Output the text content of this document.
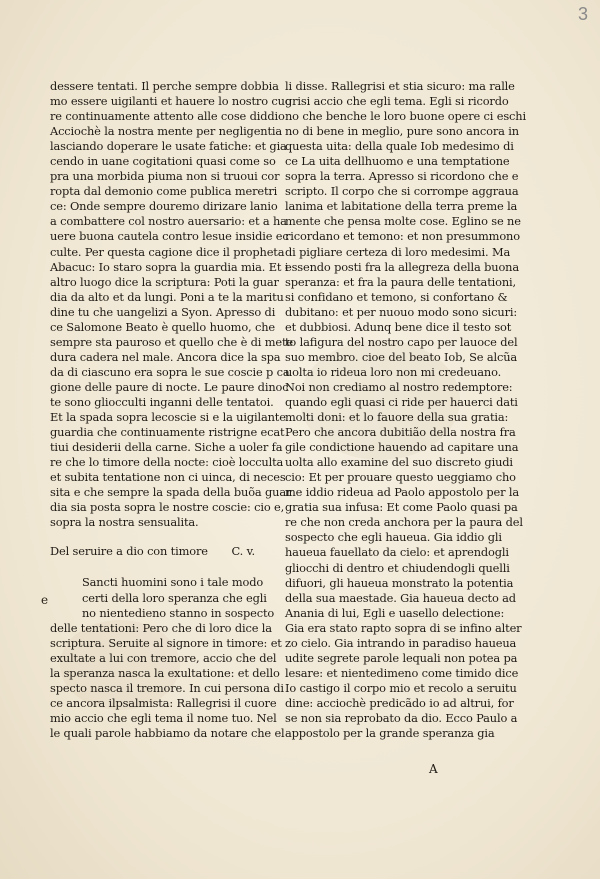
3
dessere tentati. Il perche sempre dobbia
mo essere uigilanti et hauere lo nostro cuo
re continuamente attento alle cose diddio
Acciochè la nostra mente per negligentia
lasciando doperare le usate fatiche: et gia
cendo in uane cogitationi quasi come so
pra una morbida piuma non si truoui cor
ropta dal demonio come publica meretri
ce: Onde sempre douremo dirizare lanio
a combattere col nostro auersario: et a ha
uere buona cautela contro lesue insidie ec
culte. Per questa cagione dice il propheta
Abacuc: Io staro sopra la guardia mia. Et i
altro luogo dice la scriptura: Poti la guar
dia da alto et da lungi. Poni a te la maritu
dine tu che uangelizi a Syon. Apresso di
ce Salomone Beato è quello huomo, che
sempre sta pauroso et quello che è di mete
dura cadera nel male. Ancora dice la spa
da di ciascuno era sopra le sue coscie p ca
gione delle paure di nocte. Le paure dinoc
te sono gliocculti inganni delle tentatoi.
Et la spada sopra lecoscie si e la uigilante
guardia che continuamente ristrigne ecat
tiui desiderii della carne. Siche a uoler fa
re che lo timore della nocte: cioè locculta
et subita tentatione non ci uinca, di neces
sita e che sempre la spada della buõa guar
dia sia posta sopra le nostre coscie: cio e,
sopra la nostra sensualita.
Del seruire a dio con timore C. v.
Sancti huomini sono i tale modo
certi della loro speranza che egli
no nientedieno stanno in sospecto
delle tentationi: Pero che di loro dice la
scriptura. Seruite al signore in timore: et
exultate a lui con tremore, accio che del
la speranza nasca la exultatione: et dello
specto nasca il tremore. In cui persona di
ce ancora ilpsalmista: Rallegrisi il cuore
mio accio che egli tema il nome tuo. Nel
le quali parole habbiamo da notare che el
e
li disse. Rallegrisi et stia sicuro: ma ralle
grisi accio che egli tema. Egli si ricordo
no che benche le loro buone opere ci eschi
no di bene in meglio, pure sono ancora in
questa uita: della quale Iob medesimo di
ce La uita dellhuomo e una temptatione
sopra la terra. Apresso si ricordono che e
scripto. Il corpo che si corrompe aggraua
lanima et labitatione della terra preme la
mente che pensa molte cose. Eglino se ne
ricordano et temono: et non presummono
di pigliare certeza di loro medesimi. Ma
essendo posti fra la allegreza della buona
speranza: et fra la paura delle tentationi,
si confidano et temono, si confortano &
dubitano: et per nuouo modo sono sicuri:
et dubbiosi. Adunq bene dice il testo sot
to lafigura del nostro capo per lauoce del
suo membro. cioe del beato Iob, Se alcũa
uolta io rideua loro non mi credeuano.
Noi non crediamo al nostro redemptore:
quando egli quasi ci ride per hauerci dati
molti doni: et lo fauore della sua gratia:
Pero che ancora dubitião della nostra fra
gile condictione hauendo ad capitare una
uolta allo examine del suo discreto giudi
cio: Et per prouare questo ueggiamo cho
me iddio rideua ad Paolo appostolo per la
gratia sua infusa: Et come Paolo quasi pa
re che non creda anchora per la paura del
sospecto che egli haueua. Gia iddio gli
haueua fauellato da cielo: et aprendogli
gliocchi di dentro et chiudendogli quelli
difuori, gli haueua monstrato la potentia
della sua maestade. Gia haueua decto ad
Anania di lui, Egli e uasello delectione:
Gia era stato rapto sopra di se infino alter
zo cielo. Gia intrando in paradiso haueua
udite segrete parole lequali non potea pa
lesare: et nientedimeno come timido dice
Io castigo il corpo mio et recolo a seruitu
dine: acciochè predicãdo io ad altrui, for
se non sia reprobato da dio. Ecco Paulo a
appostolo per la grande speranza gia
A
